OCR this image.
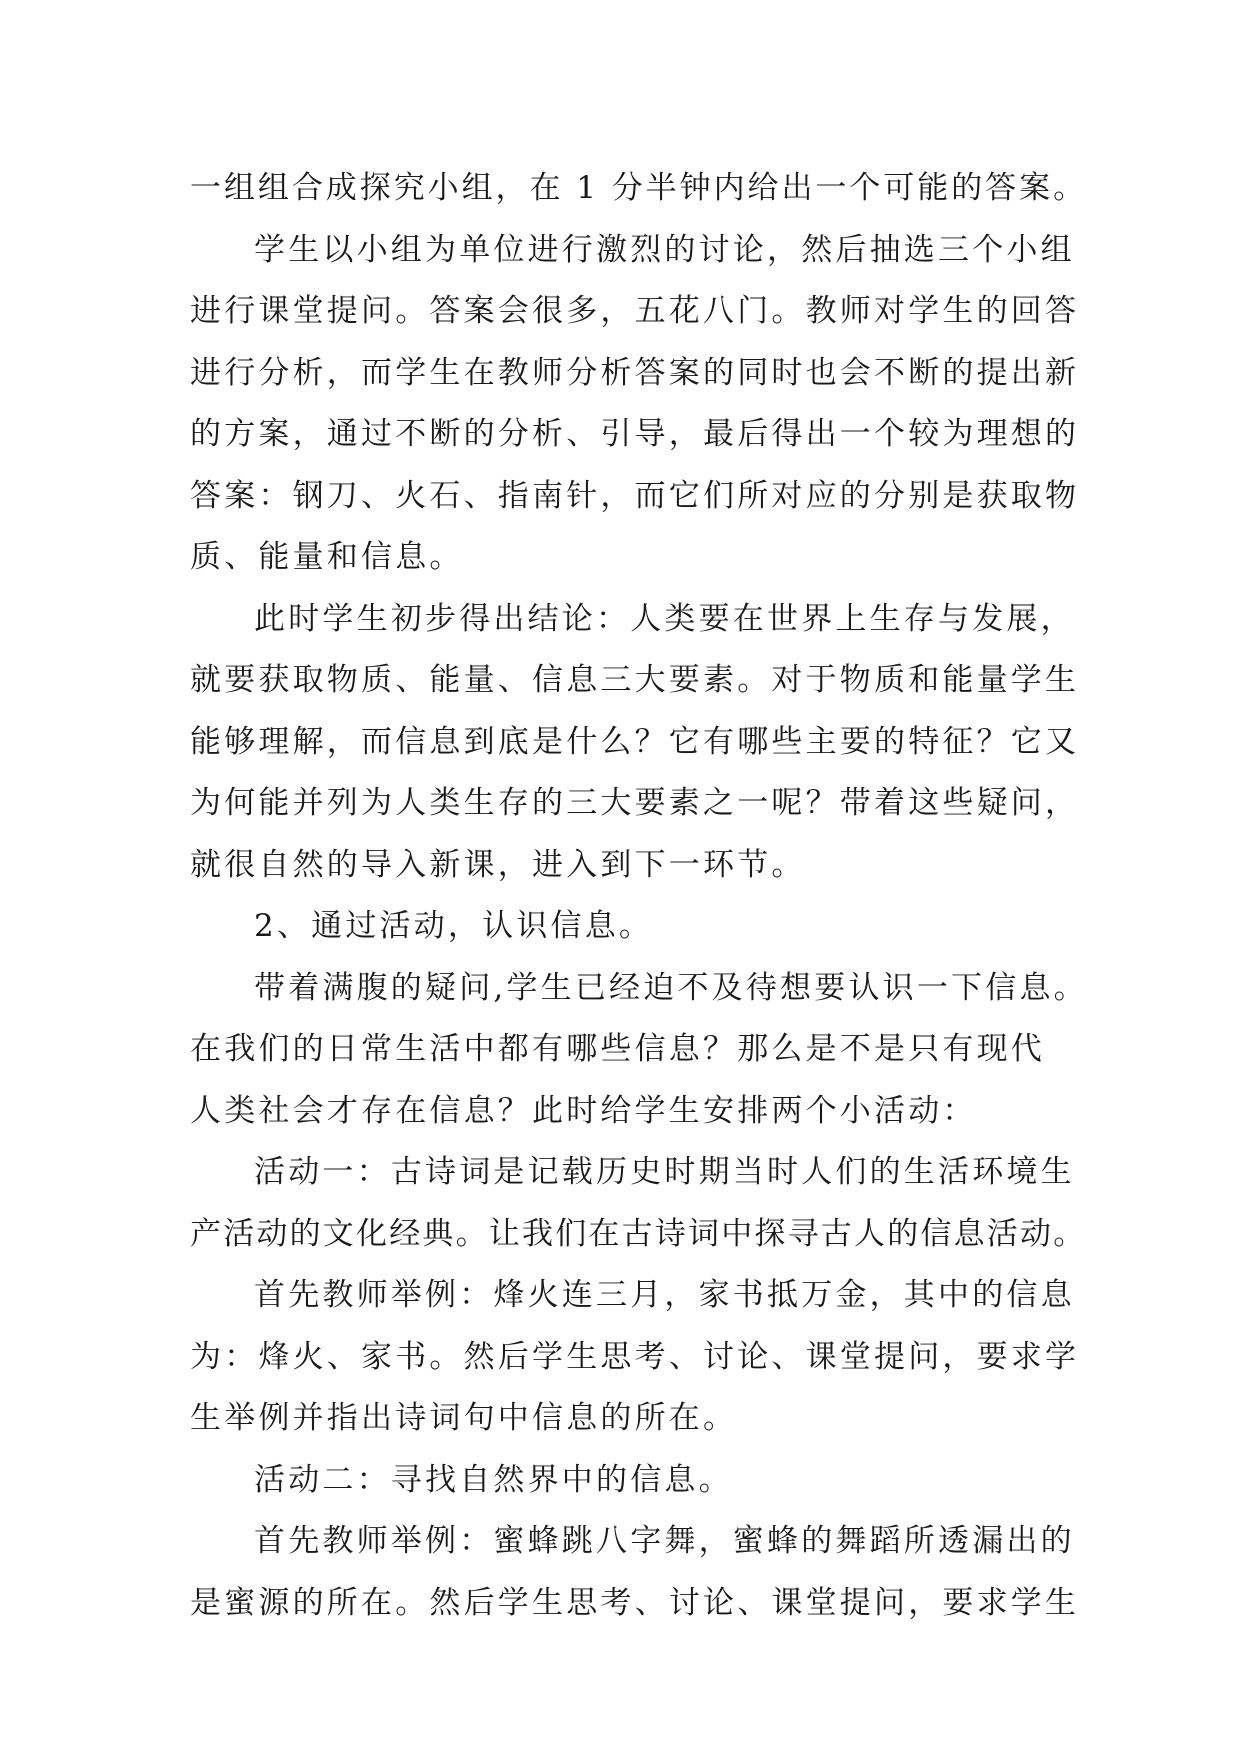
一组组合成探究小组，在 1 分半钟内给出一个可能的答案。
学生以小组为单位进行激烈的讨论，然后抽选三个小组
进行课堂提问。答案会很多，五花八门。教师对学生的回答
进行分析，而学生在教师分析答案的同时也会不断的提出新
的方案，通过不断的分析、引导，最后得出一个较为理想的
答案：钢刀、火石、指南针，而它们所对应的分别是获取物
质、能量和信息。
此时学生初步得出结论：人类要在世界上生存与发展，
就要获取物质、能量、信息三大要素。对于物质和能量学生
能够理解，而信息到底是什么？它有哪些主要的特征？它又
为何能并列为人类生存的三大要素之一呢？带着这些疑问，
就很自然的导入新课，进入到下一环节。
2、通过活动，认识信息。
带着满腹的疑问,学生已经迫不及待想要认识一下信息。
在我们的日常生活中都有哪些信息？那么是不是只有现代
人类社会才存在信息？此时给学生安排两个小活动：
活动一：古诗词是记载历史时期当时人们的生活环境生
产活动的文化经典。让我们在古诗词中探寻古人的信息活动。
首先教师举例：烽火连三月，家书抵万金，其中的信息
为：烽火、家书。然后学生思考、讨论、课堂提问，要求学
生举例并指出诗词句中信息的所在。
活动二：寻找自然界中的信息。
首先教师举例：蜜蜂跳八字舞，蜜蜂的舞蹈所透漏出的
是蜜源的所在。然后学生思考、讨论、课堂提问，要求学生
